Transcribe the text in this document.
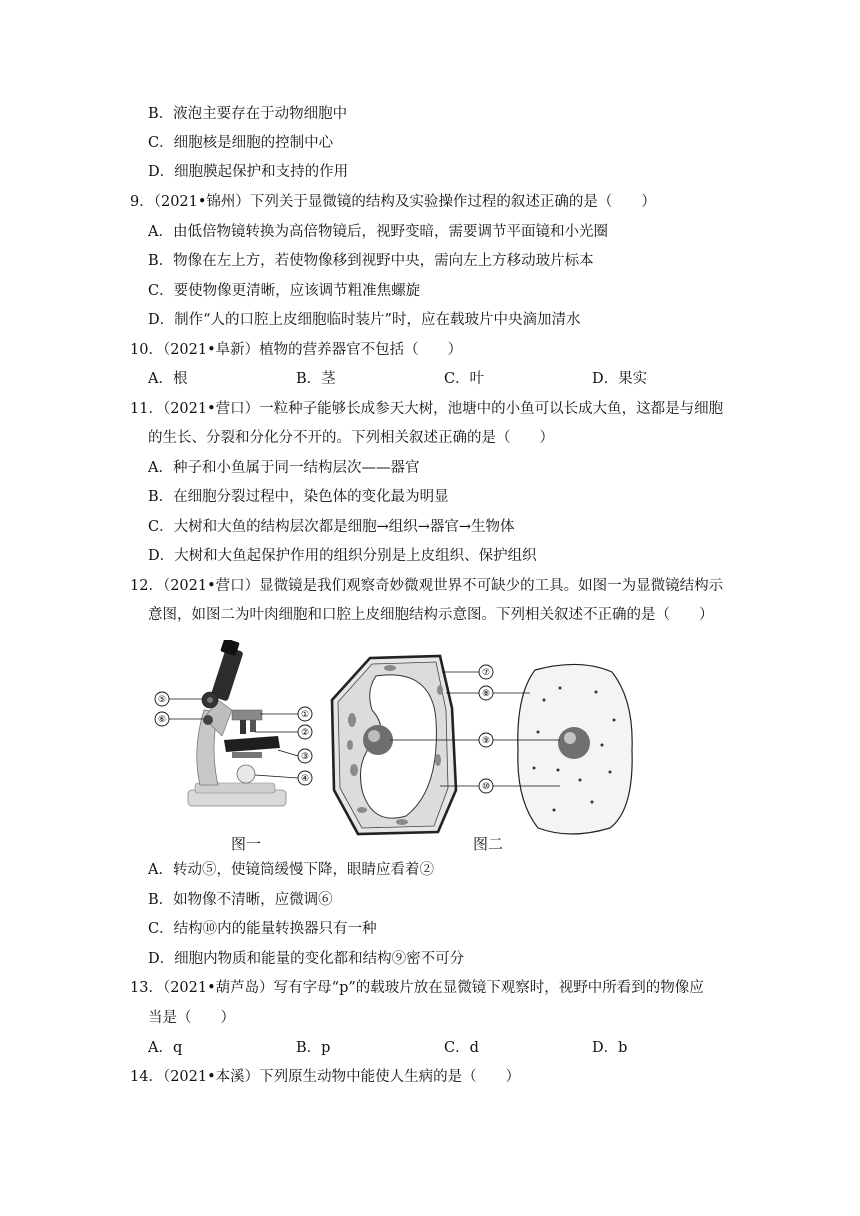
B．液泡主要存在于动物细胞中
C．细胞核是细胞的控制中心
D．细胞膜起保护和支持的作用
9．（2021•锦州）下列关于显微镜的结构及实验操作过程的叙述正确的是（　　）
A．由低倍物镜转换为高倍物镜后，视野变暗，需要调节平面镜和小光圈
B．物像在左上方，若使物像移到视野中央，需向左上方移动玻片标本
C．要使物像更清晰，应该调节粗准焦螺旋
D．制作“人的口腔上皮细胞临时装片”时，应在载玻片中央滴加清水
10．（2021•阜新）植物的营养器官不包括（　　）
A．根	B．茎	C．叶	D．果实
11．（2021•营口）一粒种子能够长成参天大树，池塘中的小鱼可以长成大鱼，这都是与细胞
的生长、分裂和分化分不开的。下列相关叙述正确的是（　　）
A．种子和小鱼属于同一结构层次——器官
B．在细胞分裂过程中，染色体的变化最为明显
C．大树和大鱼的结构层次都是细胞→组织→器官→生物体
D．大树和大鱼起保护作用的组织分别是上皮组织、保护组织
12．（2021•营口）显微镜是我们观察奇妙微观世界不可缺少的工具。如图一为显微镜结构示
意图，如图二为叶肉细胞和口腔上皮细胞结构示意图。下列相关叙述不正确的是（　　）
⑤
⑥	①
②
③
④
⑦
⑧
⑨
⑩
图一	图二
A．转动⑤，使镜筒缓慢下降，眼睛应看着②
B．如物像不清晰，应微调⑥
C．结构⑩内的能量转换器只有一种
D．细胞内物质和能量的变化都和结构⑨密不可分
13．（2021•葫芦岛）写有字母“p”的载玻片放在显微镜下观察时，视野中所看到的物像应
当是（　　）
A．q	B．p	C．d	D．b
14．（2021•本溪）下列原生动物中能使人生病的是（　　）
